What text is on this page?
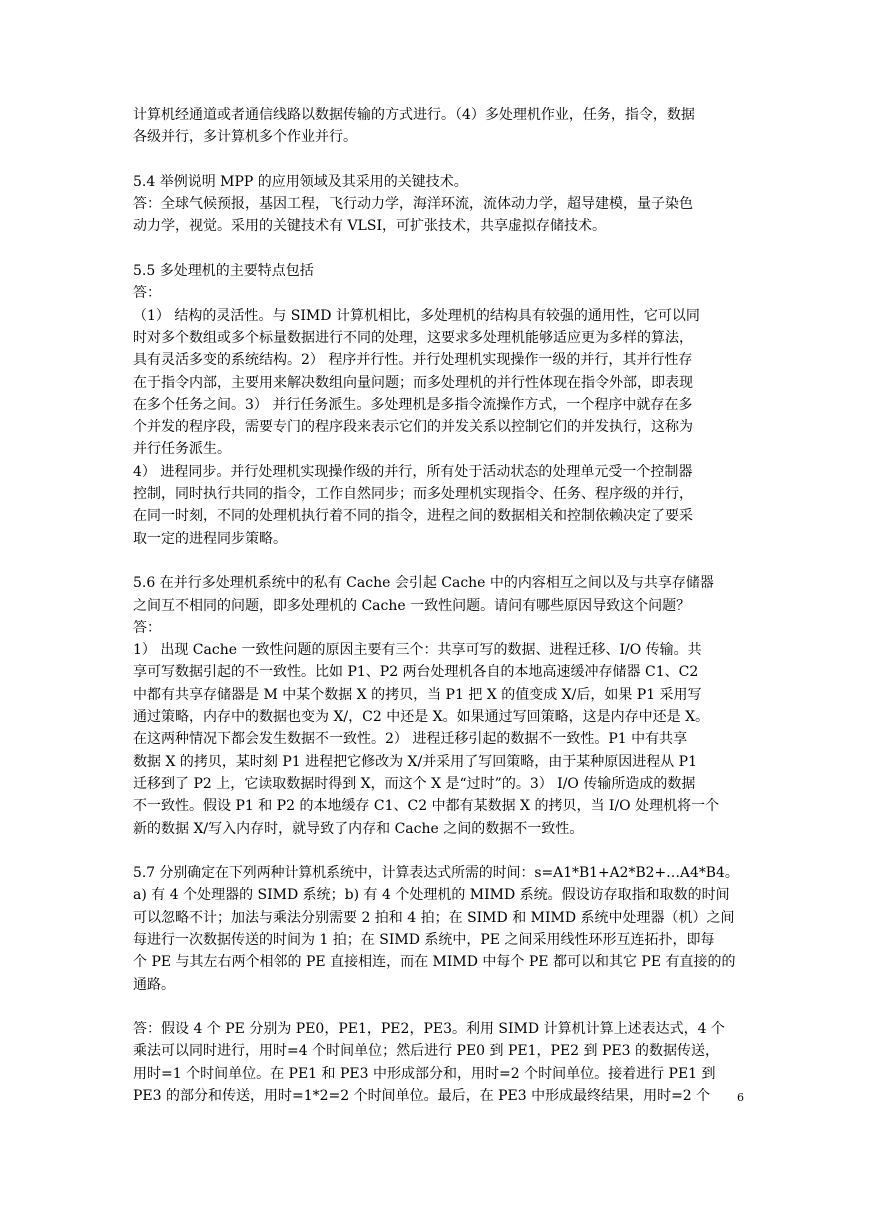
计算机经通道或者通信线路以数据传输的方式进行。（4）多处理机作业，任务，指令，数据
各级并行，多计算机多个作业并行。
5.4 举例说明 MPP 的应用领域及其采用的关键技术。
答：全球气候预报，基因工程，飞行动力学，海洋环流，流体动力学，超导建模，量子染色
动力学，视觉。采用的关键技术有 VLSI，可扩张技术，共享虚拟存储技术。
5.5 多处理机的主要特点包括
答：
（1） 结构的灵活性。与 SIMD 计算机相比，多处理机的结构具有较强的通用性，它可以同
时对多个数组或多个标量数据进行不同的处理，这要求多处理机能够适应更为多样的算法，
具有灵活多变的系统结构。2） 程序并行性。并行处理机实现操作一级的并行，其并行性存
在于指令内部，主要用来解决数组向量问题；而多处理机的并行性体现在指令外部，即表现
在多个任务之间。3） 并行任务派生。多处理机是多指令流操作方式，一个程序中就存在多
个并发的程序段，需要专门的程序段来表示它们的并发关系以控制它们的并发执行，这称为
并行任务派生。
4） 进程同步。并行处理机实现操作级的并行，所有处于活动状态的处理单元受一个控制器
控制，同时执行共同的指令，工作自然同步；而多处理机实现指令、任务、程序级的并行，
在同一时刻，不同的处理机执行着不同的指令，进程之间的数据相关和控制依赖决定了要采
取一定的进程同步策略。
5.6 在并行多处理机系统中的私有 Cache 会引起 Cache 中的内容相互之间以及与共享存储器
之间互不相同的问题，即多处理机的 Cache 一致性问题。请问有哪些原因导致这个问题？
答：
1） 出现 Cache 一致性问题的原因主要有三个：共享可写的数据、进程迁移、I/O 传输。共
享可写数据引起的不一致性。比如 P1、P2 两台处理机各自的本地高速缓冲存储器 C1、C2
中都有共享存储器是 M 中某个数据 X 的拷贝，当 P1 把 X 的值变成 X/后，如果 P1 采用写
通过策略，内存中的数据也变为 X/，C2 中还是 X。如果通过写回策略，这是内存中还是 X。
在这两种情况下都会发生数据不一致性。2） 进程迁移引起的数据不一致性。P1 中有共享
数据 X 的拷贝，某时刻 P1 进程把它修改为 X/并采用了写回策略，由于某种原因进程从 P1
迁移到了 P2 上，它读取数据时得到 X，而这个 X 是“过时”的。3） I/O 传输所造成的数据
不一致性。假设 P1 和 P2 的本地缓存 C1、C2 中都有某数据 X 的拷贝，当 I/O 处理机将一个
新的数据 X/写入内存时，就导致了内存和 Cache 之间的数据不一致性。
5.7 分别确定在下列两种计算机系统中，计算表达式所需的时间：s=A1*B1+A2*B2+…A4*B4。
a) 有 4 个处理器的 SIMD 系统；b) 有 4 个处理机的 MIMD 系统。假设访存取指和取数的时间
可以忽略不计；加法与乘法分别需要 2 拍和 4 拍；在 SIMD 和 MIMD 系统中处理器（机）之间
每进行一次数据传送的时间为 1 拍；在 SIMD 系统中，PE 之间采用线性环形互连拓扑，即每
个 PE 与其左右两个相邻的 PE 直接相连，而在 MIMD 中每个 PE 都可以和其它 PE 有直接的的
通路。
答：假设 4 个 PE 分别为 PE0，PE1，PE2，PE3。利用 SIMD 计算机计算上述表达式，4 个
乘法可以同时进行，用时=4 个时间单位；然后进行 PE0 到 PE1，PE2 到 PE3 的数据传送，
用时=1 个时间单位。在 PE1 和 PE3 中形成部分和，用时=2 个时间单位。接着进行 PE1 到
PE3 的部分和传送，用时=1*2=2 个时间单位。最后，在 PE3 中形成最终结果，用时=2 个	6
